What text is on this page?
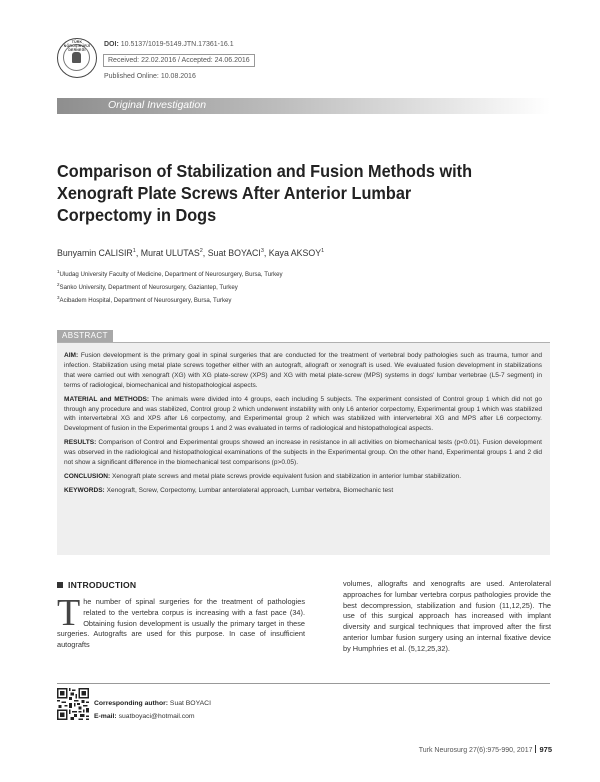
TÜRK NÖROŞİRÜRJİ DERNEĞİ
DOI: 10.5137/1019-5149.JTN.17361-16.1
Received: 22.02.2016 / Accepted: 24.06.2016
Published Online: 10.08.2016
Original Investigation
Comparison of Stabilization and Fusion Methods with Xenograft Plate Screws After Anterior Lumbar Corpectomy in Dogs
Bunyamin CALISIR$^1$, Murat ULUTAS$^2$, Suat BOYACI$^3$, Kaya AKSOY$^1$
$^1$Uludag University Faculty of Medicine, Department of Neurosurgery, Bursa, Turkey
$^2$Sanko University, Department of Neurosurgery, Gaziantep, Turkey
$^3$Acibadem Hospital, Department of Neurosurgery, Bursa, Turkey
ABSTRACT

AIM: Fusion development is the primary goal in spinal surgeries that are conducted for the treatment of vertebral body pathologies such as trauma, tumor and infection. Stabilization using metal plate screws together either with an autograft, allograft or xenograft is used. We evaluated fusion development in stabilizations that were carried out with xenograft (XG) with XG plate-screw (XPS) and XG with metal plate-screw (MPS) systems in dogs' lumbar vertebrae (L5-7 segment) in terms of radiological, biomechanical and histopathological aspects.

MATERIAL and METHODS: The animals were divided into 4 groups, each including 5 subjects. The experiment consisted of Control group 1 which did not go through any procedure and was stabilized, Control group 2 which underwent instability with only L6 anterior corpectomy, Experimental group 1 which was stabilized with intervertebral XG and XPS after L6 corpectomy, and Experimental group 2 which was stabilized with intervertebral XG and MPS after L6 corpectomy. Development of fusion in the Experimental groups 1 and 2 was evaluated in terms of radiological and histopathological aspects.

RESULTS: Comparison of Control and Experimental groups showed an increase in resistance in all activities on biomechanical tests (p<0.01). Fusion development was observed in the radiological and histopathological examinations of the subjects in the Experimental group. On the other hand, Experimental groups 1 and 2 did not show a significant difference in the biomechanical test comparisons (p>0.05).

CONCLUSION: Xenograft plate screws and metal plate screws provide equivalent fusion and stabilization in anterior lumbar stabilization.

KEYWORDS: Xenograft, Screw, Corpectomy, Lumbar anterolateral approach, Lumbar vertebra, Biomechanic test

INTRODUCTION
The number of spinal surgeries for the treatment of pathologies related to the vertebra corpus is increasing with a fast pace (34). Obtaining fusion development is usually the primary target in these surgeries. Autografts are used for this purpose. In case of insufficient autografts
volumes, allografts and xenografts are used. Anterolateral approaches for lumbar vertebra corpus pathologies provide the best decompression, stabilization and fusion (11,12,25). The use of this surgical approach has increased with implant diversity and surgical techniques that improved after the first anterior lumbar fusion surgery using an internal fixative device by Humphries et al. (5,12,25,32).
Corresponding author: Suat BOYACI
E-mail: suatboyaci@hotmail.com
Turk Neurosurg 27(6):975-990, 2017 975
